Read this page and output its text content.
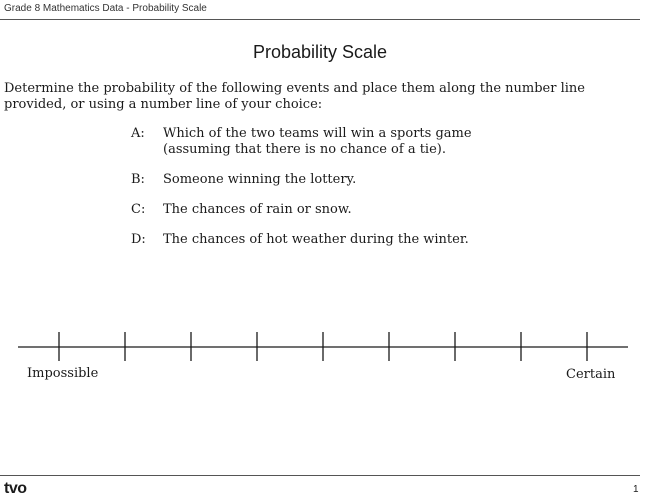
Grade 8 Mathematics Data - Probability Scale
Probability Scale
Determine the probability of the following events and place them along the number line provided, or using a number line of your choice:
A: Which of the two teams will win a sports game (assuming that there is no chance of a tie).
B: Someone winning the lottery.
C: The chances of rain or snow.
D: The chances of hot weather during the winter.
Impossible	Certain
tvo	1
